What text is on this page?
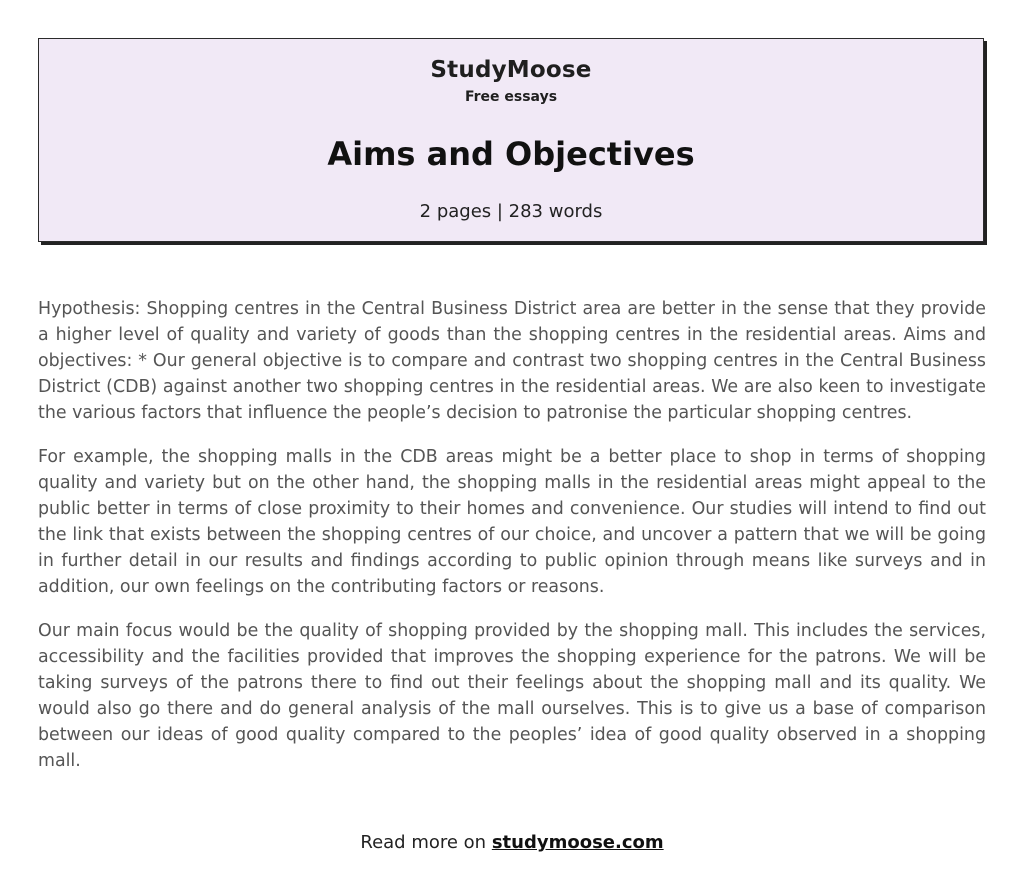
StudyMoose
Free essays
Aims and Objectives
2 pages | 283 words

Hypothesis: Shopping centres in the Central Business District area are better in the sense that they provide a higher level of quality and variety of goods than the shopping centres in the residential areas. Aims and objectives: * Our general objective is to compare and contrast two shopping centres in the Central Business District (CDB) against another two shopping centres in the residential areas. We are also keen to investigate the various factors that influence the people’s decision to patronise the particular shopping centres.

For example, the shopping malls in the CDB areas might be a better place to shop in terms of shopping quality and variety but on the other hand, the shopping malls in the residential areas might appeal to the public better in terms of close proximity to their homes and convenience. Our studies will intend to find out the link that exists between the shopping centres of our choice, and uncover a pattern that we will be going in further detail in our results and findings according to public opinion through means like surveys and in addition, our own feelings on the contributing factors or reasons.

Our main focus would be the quality of shopping provided by the shopping mall. This includes the services, accessibility and the facilities provided that improves the shopping experience for the patrons. We will be taking surveys of the patrons there to find out their feelings about the shopping mall and its quality. We would also go there and do general analysis of the mall ourselves. This is to give us a base of comparison between our ideas of good quality compared to the peoples’ idea of good quality observed in a shopping mall.

Read more on studymoose.com
